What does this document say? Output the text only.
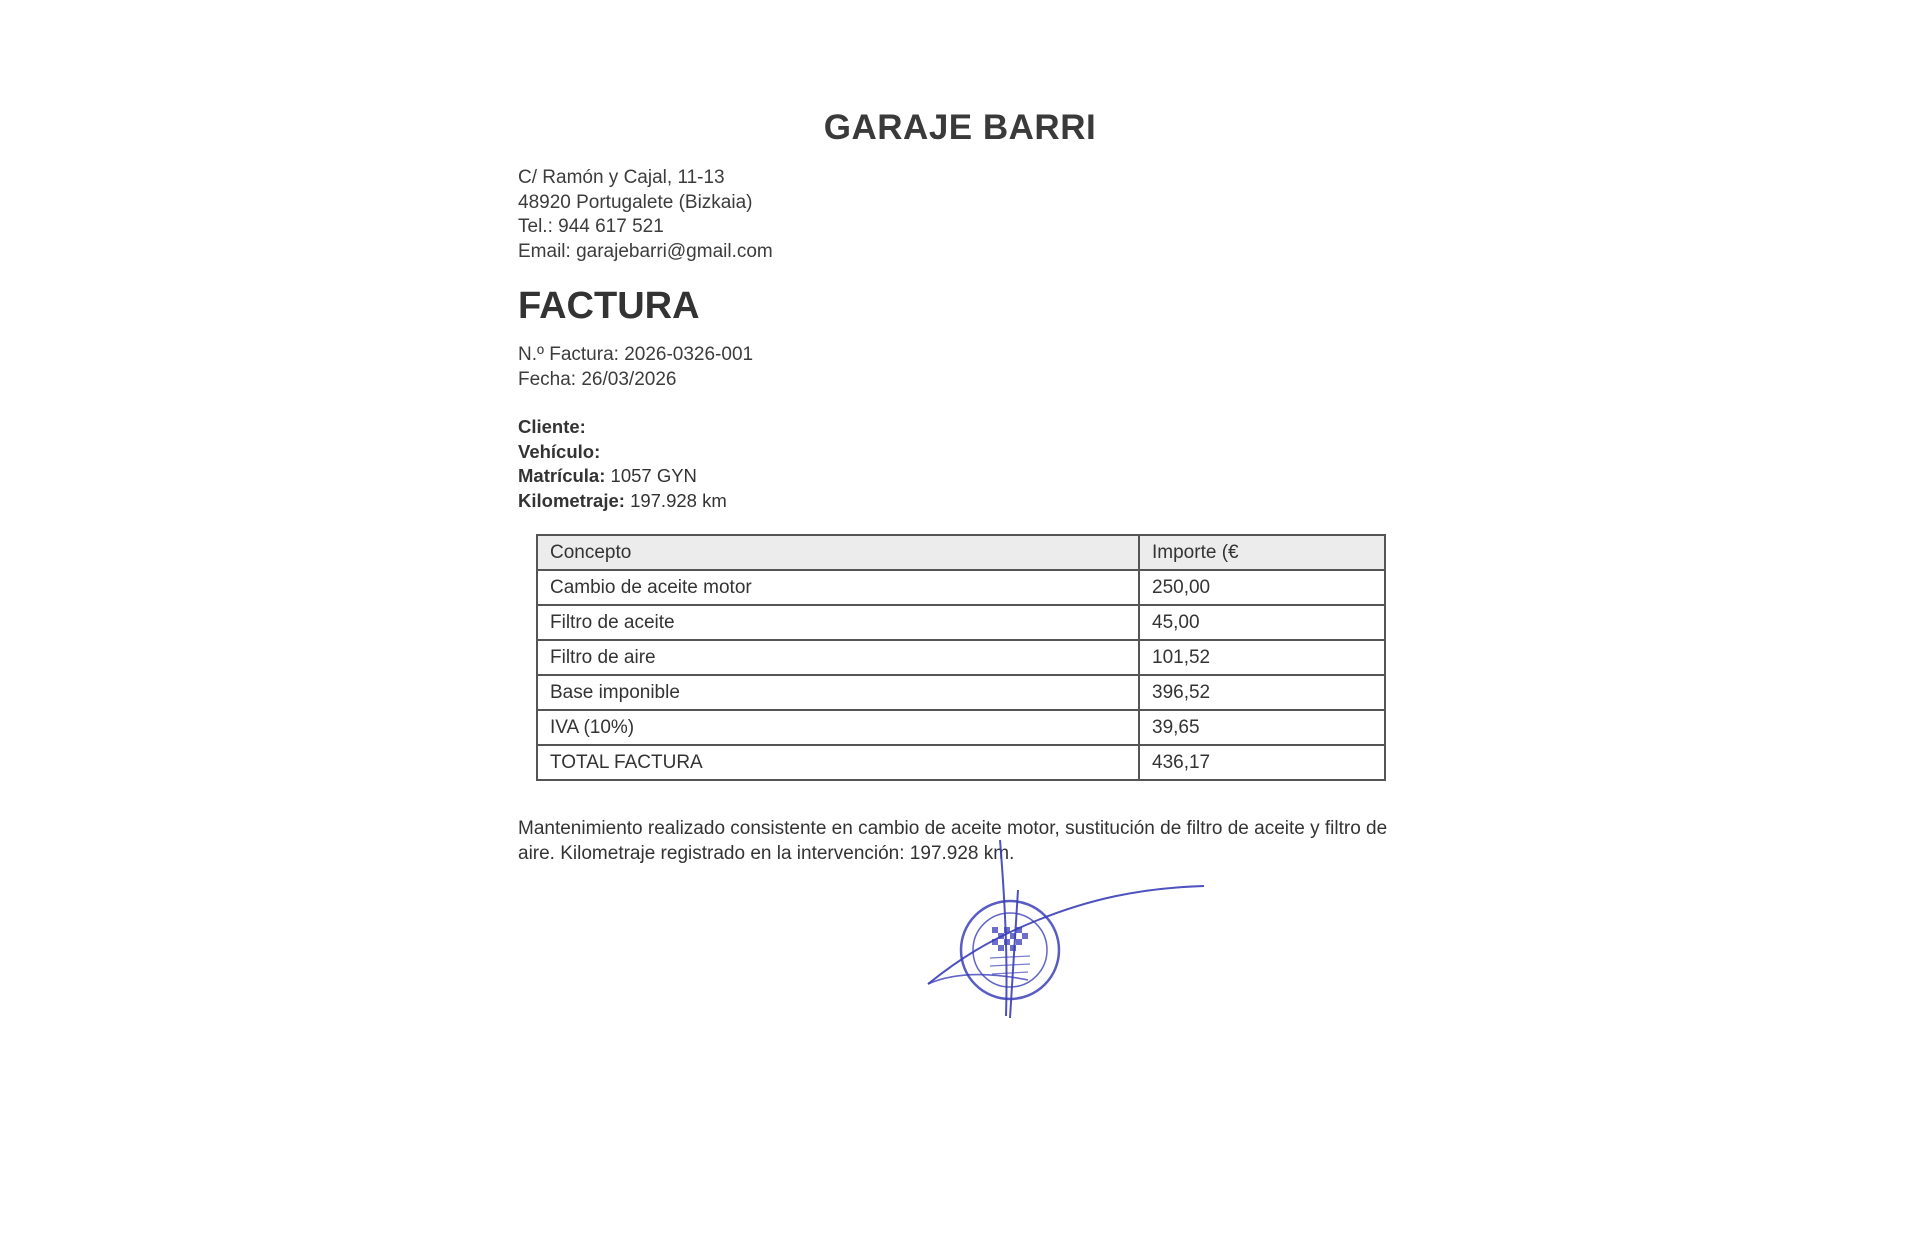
GARAJE BARRI
C/ Ramón y Cajal, 11-13
48920 Portugalete (Bizkaia)
Tel.: 944 617 521
Email: garajebarri@gmail.com
FACTURA
N.º Factura: 2026-0326-001
Fecha: 26/03/2026
Cliente:
Vehículo:
Matrícula: 1057 GYN
Kilometraje: 197.928 km
Concepto	Importe (€
Cambio de aceite motor	250,00
Filtro de aceite	45,00
Filtro de aire	101,52
Base imponible	396,52
IVA (10%)	39,65
TOTAL FACTURA	436,17
Mantenimiento realizado consistente en cambio de aceite motor, sustitución de filtro de aceite y filtro de aire. Kilometraje registrado en la intervención: 197.928 km.
